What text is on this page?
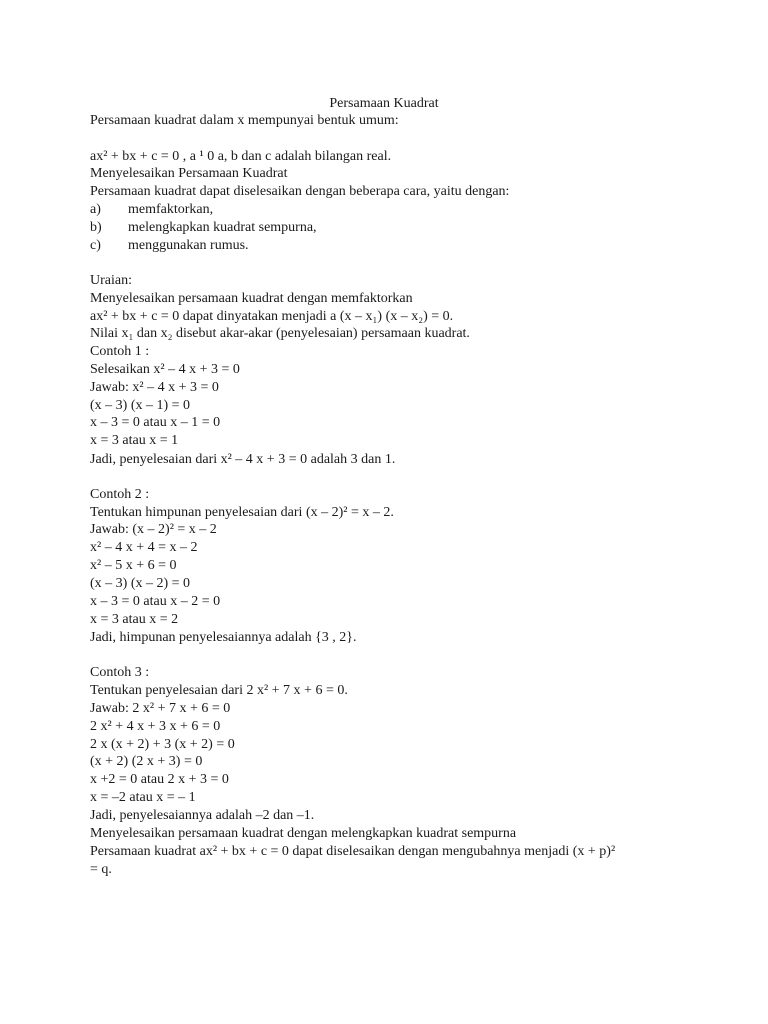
Persamaan Kuadrat

Persamaan kuadrat dalam x mempunyai bentuk umum:

ax² + bx + c = 0 , a ¹ 0 a, b dan c adalah bilangan real.

Menyelesaikan Persamaan Kuadrat

Persamaan kuadrat dapat diselesaikan dengan beberapa cara, yaitu dengan:

a) memfaktorkan,

b) melengkapkan kuadrat sempurna,

c) menggunakan rumus.

Uraian:

Menyelesaikan persamaan kuadrat dengan memfaktorkan

ax² + bx + c = 0 dapat dinyatakan menjadi a (x – x₁) (x – x₂) = 0.

Nilai x₁ dan x₂ disebut akar-akar (penyelesaian) persamaan kuadrat.

Contoh 1 :

Selesaikan x² – 4 x + 3 = 0

Jawab: x² – 4 x + 3 = 0

(x – 3) (x – 1) = 0

x – 3 = 0 atau x – 1 = 0

x = 3 atau x = 1

Jadi, penyelesaian dari x² – 4 x + 3 = 0 adalah 3 dan 1.

Contoh 2 :

Tentukan himpunan penyelesaian dari (x – 2)² = x – 2.

Jawab: (x – 2)² = x – 2

x² – 4 x + 4 = x – 2

x² – 5 x + 6 = 0

(x – 3) (x – 2) = 0

x – 3 = 0 atau x – 2 = 0

x = 3 atau x = 2

Jadi, himpunan penyelesaiannya adalah {3 , 2}.

Contoh 3 :

Tentukan penyelesaian dari 2 x² + 7 x + 6 = 0.

Jawab: 2 x² + 7 x + 6 = 0

2 x² + 4 x + 3 x + 6 = 0

2 x (x + 2) + 3 (x + 2) = 0

(x + 2) (2 x + 3) = 0

x +2 = 0 atau 2 x + 3 = 0

x = –2 atau x = – 1

Jadi, penyelesaiannya adalah –2 dan –1.

Menyelesaikan persamaan kuadrat dengan melengkapkan kuadrat sempurna

Persamaan kuadrat ax² + bx + c = 0 dapat diselesaikan dengan mengubahnya menjadi (x + p)²

= q.
